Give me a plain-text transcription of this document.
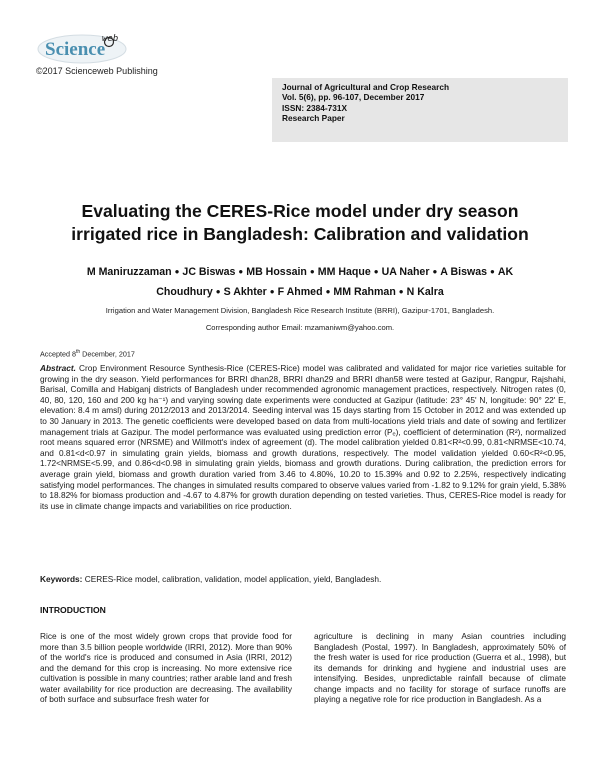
Science
web
©2017 Scienceweb Publishing
Journal of Agricultural and Crop Research
Vol. 5(6), pp. 96-107, December 2017
ISSN: 2384-731X
Research Paper
Evaluating the CERES-Rice model under dry season
irrigated rice in Bangladesh: Calibration and validation
M Maniruzzaman ● JC Biswas ● MB Hossain ● MM Haque ● UA Naher ● A Biswas ● AK
Choudhury ● S Akhter ● F Ahmed ● MM Rahman ● N Kalra
Irrigation and Water Management Division, Bangladesh Rice Research Institute (BRRI), Gazipur-1701, Bangladesh.
Corresponding author Email: mzamaniwm@yahoo.com.
Accepted 8th December, 2017
Abstract. Crop Environment Resource Synthesis-Rice (CERES-Rice) model was calibrated and validated for major rice varieties suitable for growing in the dry season. Yield performances for BRRI dhan28, BRRI dhan29 and BRRI dhan58 were tested at Gazipur, Rangpur, Rajshahi, Barisal, Comilla and Habiganj districts of Bangladesh under recommended agronomic management practices, respectively. Nitrogen rates (0, 40, 80, 120, 160 and 200 kg ha⁻¹) and varying sowing date experiments were conducted at Gazipur (latitude: 23° 45' N, longitude: 90° 22' E, elevation: 8.4 m amsl) during 2012/2013 and 2013/2014. Seeding interval was 15 days starting from 15 October in 2012 and was extended up to 30 January in 2013. The genetic coefficients were developed based on data from multi-locations yield trials and date of sowing and fertilizer management trials at Gazipur. The model performance was evaluated using prediction error (Pₑ), coefficient of determination (R²), normalized root means squared error (NRSME) and Willmott's index of agreement (d). The model calibration yielded 0.81<R²<0.99, 0.81<NRMSE<10.74, and 0.81<d<0.97 in simulating grain yields, biomass and growth durations, respectively. The model validation yielded 0.60<R²<0.95, 1.72<NRMSE<5.99, and 0.86<d<0.98 in simulating grain yields, biomass and growth durations. During calibration, the prediction errors for average grain yield, biomass and growth duration varied from 3.46 to 4.80%, 10.20 to 15.39% and 0.92 to 2.25%, respectively indicating satisfying model performances. The changes in simulated results compared to observe values varied from -1.82 to 9.12% for grain yield, 5.38% to 18.82% for biomass production and -4.67 to 4.87% for growth duration depending on tested varieties. Thus, CERES-Rice model is ready for its use in climate change impacts and variabilities on rice production.
Keywords: CERES-Rice model, calibration, validation, model application, yield, Bangladesh.
INTRODUCTION
Rice is one of the most widely grown crops that provide food for more than 3.5 billion people worldwide (IRRI, 2012). More than 90% of the world's rice is produced and consumed in Asia (IRRI, 2012) and the demand for this crop is increasing. No more extensive rice cultivation is possible in many countries; rather arable land and fresh water availability for rice production are decreasing. The availability of both surface and subsurface fresh water for
agriculture is declining in many Asian countries including Bangladesh (Postal, 1997). In Bangladesh, approximately 50% of the fresh water is used for rice production (Guerra et al., 1998), but its demands for drinking and hygiene and industrial uses are intensifying. Besides, unpredictable rainfall because of climate change impacts and no facility for storage of surface runoffs are playing a negative role for rice production in Bangladesh. As a
